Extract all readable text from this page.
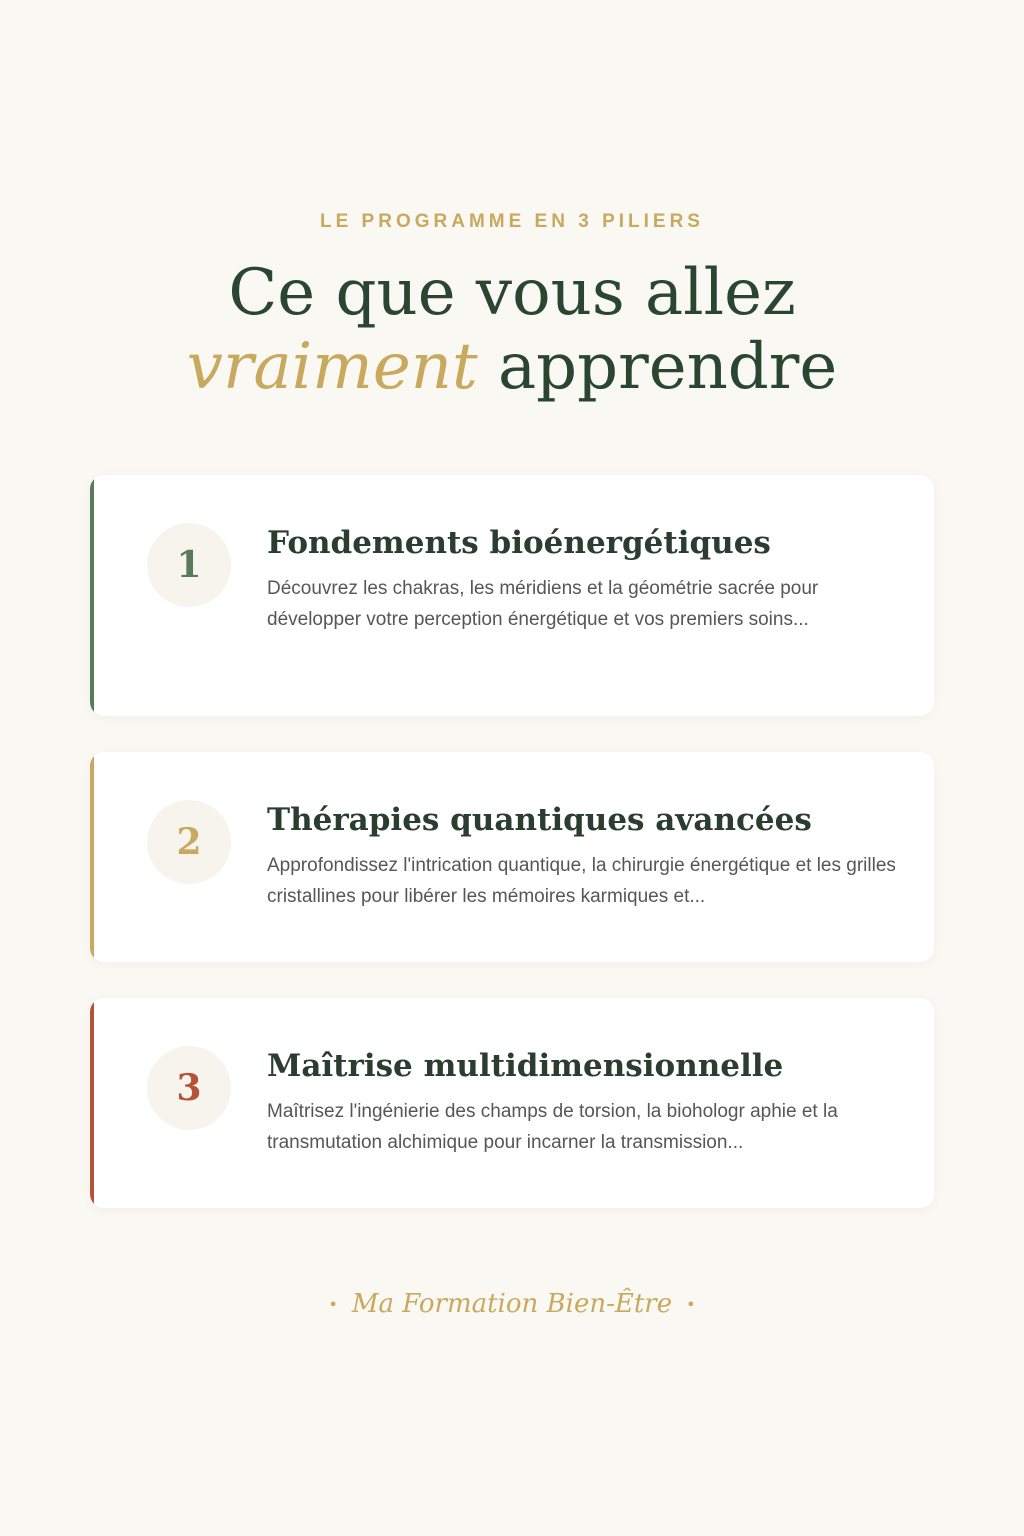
LE PROGRAMME EN 3 PILIERS
Ce que vous allez
vraiment apprendre
1
Fondements bioénergétiques

Découvrez les chakras, les méridiens et la géométrie sacrée pour développer votre perception énergétique et vos premiers soins...

2
Thérapies quantiques avancées

Approfondissez l'intrication quantique, la chirurgie énergétique et les grilles cristallines pour libérer les mémoires karmiques et...

3
Maîtrise multidimensionnelle

Maîtrisez l'ingénierie des champs de torsion, la biohologr aphie et la transmutation alchimique pour incarner la transmission...

• Ma Formation Bien-Être •
